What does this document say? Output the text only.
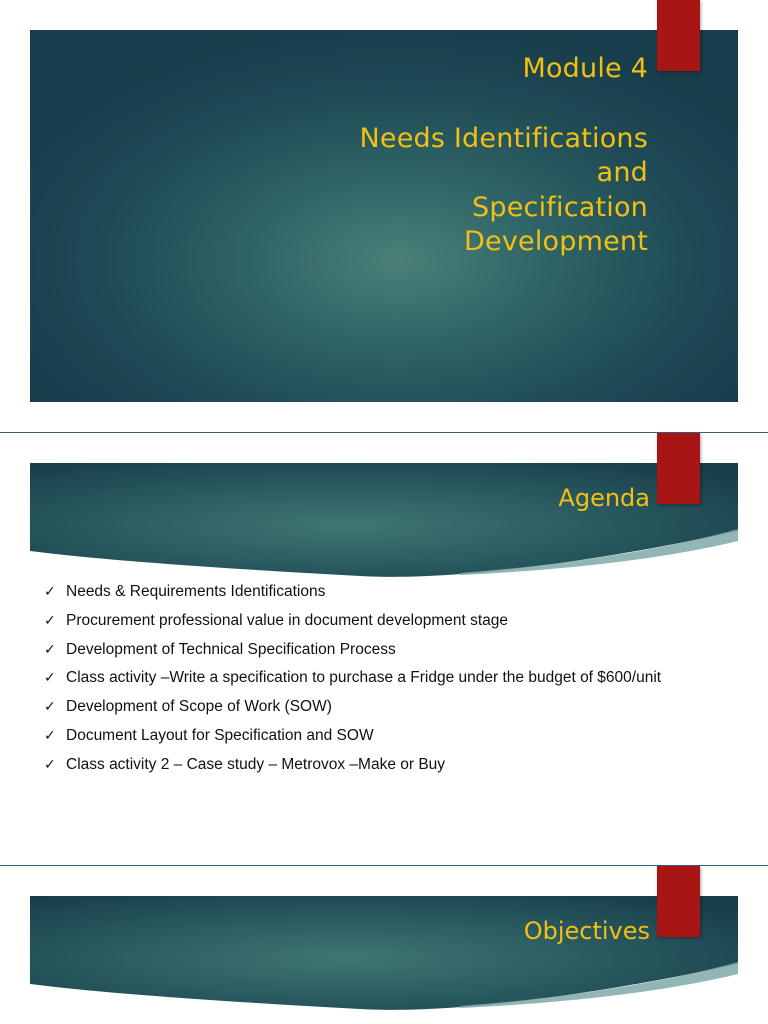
Module 4
Needs Identifications
and
Specification
Development
Agenda
✓ Needs & Requirements Identifications
✓ Procurement professional value in document development stage
✓ Development of Technical Specification Process
✓ Class activity –Write a specification to purchase a Fridge under the budget of $600/unit
✓ Development of Scope of Work (SOW)
✓ Document Layout for Specification and SOW
✓ Class activity 2 – Case study – Metrovox –Make or Buy
Objectives
